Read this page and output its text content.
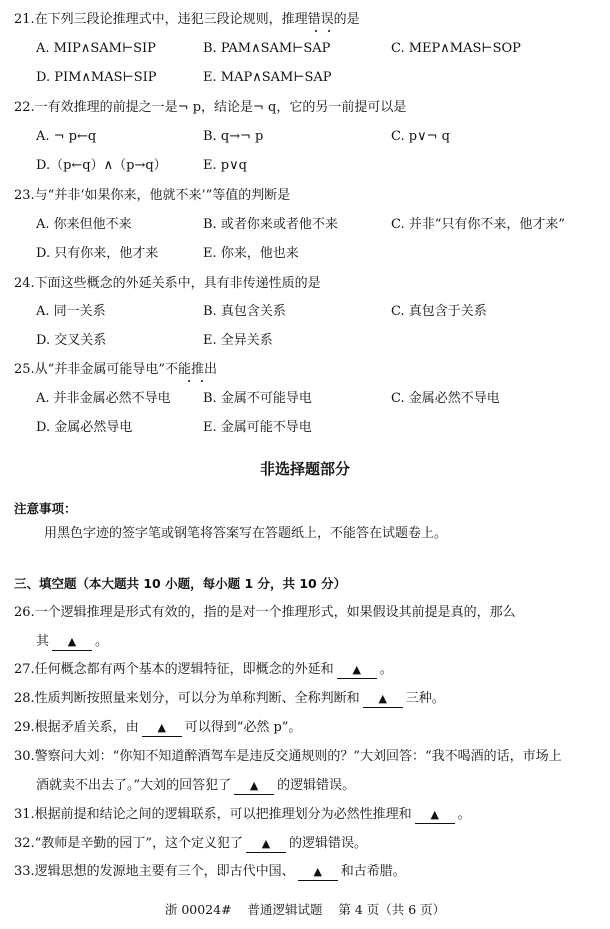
21.在下列三段论推理式中，违犯三段论规则，推理错误的是
A. MIP∧SAM⊢SIP	B. PAM∧SAM⊢SAP	C. MEP∧MAS⊢SOP
D. PIM∧MAS⊢SIP	E. MAP∧SAM⊢SAP
22.一有效推理的前提之一是¬ p，结论是¬ q，它的另一前提可以是
A. ¬ p←q	B. q→¬ p	C. p∨¬ q
D.（p←q）∧（p→q）	E. p∨q
23.与“并非‘如果你来，他就不来’”等值的判断是
A. 你来但他不来	B. 或者你来或者他不来	C. 并非“只有你不来，他才来”
D. 只有你来，他才来	E. 你来，他也来
24.下面这些概念的外延关系中，具有非传递性质的是
A. 同一关系	B. 真包含关系	C. 真包含于关系
D. 交叉关系	E. 全异关系
25.从“并非金属可能导电”不能推出
A. 并非金属必然不导电 B. 金属不可能导电	C. 金属必然不导电
D. 金属必然导电	E. 金属可能不导电
非选择题部分
注意事项：
用黑色字迹的签字笔或钢笔将答案写在答题纸上，不能答在试题卷上。
三、填空题（本大题共 10 小题，每小题 1 分，共 10 分）
26.一个逻辑推理是形式有效的，指的是对一个推理形式，如果假设其前提是真的，那么
其 ▲ 。
27.任何概念都有两个基本的逻辑特征，即概念的外延和 ▲ 。
28.性质判断按照量来划分，可以分为单称判断、全称判断和 ▲ 三种。
29.根据矛盾关系，由 ▲ 可以得到“必然 p”。
30.警察问大刘：“你知不知道醉酒驾车是违反交通规则的？”大刘回答：“我不喝酒的话，市场上
酒就卖不出去了。”大刘的回答犯了 ▲ 的逻辑错误。
31.根据前提和结论之间的逻辑联系，可以把推理划分为必然性推理和 ▲ 。
32.“教师是辛勤的园丁”，这个定义犯了 ▲ 的逻辑错误。
33.逻辑思想的发源地主要有三个，即古代中国、 ▲ 和古希腊。
浙 00024#    普通逻辑试题    第 4 页（共 6 页）
